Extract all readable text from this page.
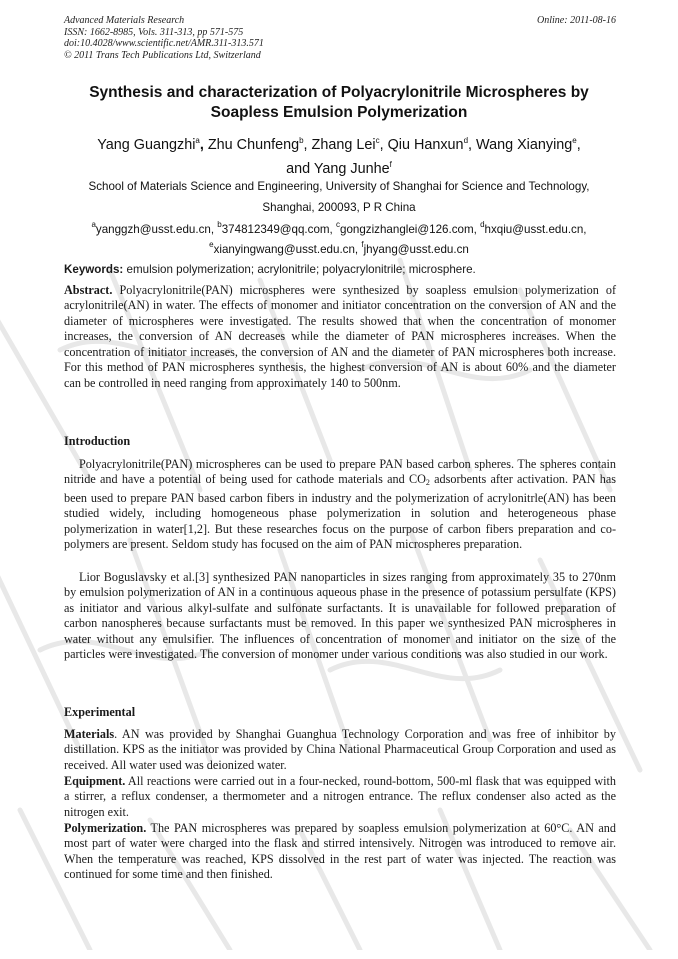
Advanced Materials Research
ISSN: 1662-8985, Vols. 311-313, pp 571-575
doi:10.4028/www.scientific.net/AMR.311-313.571
© 2011 Trans Tech Publications Ltd, Switzerland
Online: 2011-08-16
Synthesis and characterization of Polyacrylonitrile Microspheres by
Soapless Emulsion Polymerization
Yang Guangzhi$^a$, Zhu Chunfeng$^b$, Zhang Lei$^c$, Qiu Hanxun$^d$, Wang Xianying$^e$,
and Yang Junhe$^f$
School of Materials Science and Engineering, University of Shanghai for Science and Technology,
Shanghai, 200093, P R China
$^a$yanggzh@usst.edu.cn, $^b$374812349@qq.com, $^c$gongzizhanglei@126.com, $^d$hxqiu@usst.edu.cn,
$^e$xianyingwang@usst.edu.cn, $^f$jhyang@usst.edu.cn
Keywords: emulsion polymerization; acrylonitrile; polyacrylonitrile; microsphere.
Abstract. Polyacrylonitrile(PAN) microspheres were synthesized by soapless emulsion polymerization of acrylonitrile(AN) in water. The effects of monomer and initiator concentration on the conversion of AN and the diameter of microspheres were investigated. The results showed that when the concentration of monomer increases, the conversion of AN decreases while the diameter of PAN microspheres increases. When the concentration of initiator increases, the conversion of AN and the diameter of PAN microspheres both increase. For this method of PAN microspheres synthesis, the highest conversion of AN is about 60% and the diameter can be controlled in need ranging from approximately 140 to 500nm.
Introduction
Polyacrylonitrile(PAN) microspheres can be used to prepare PAN based carbon spheres. The spheres contain nitride and have a potential of being used for cathode materials and $CO_2$ adsorbents after activation. PAN has been used to prepare PAN based carbon fibers in industry and the polymerization of acrylonitrle(AN) has been studied widely, including homogeneous phase polymerization in solution and heterogeneous phase polymerization in water[1,2]. But these researches focus on the purpose of carbon fibers preparation and co-polymers are present. Seldom study has focused on the aim of PAN microspheres preparation.
Lior Boguslavsky et al.[3] synthesized PAN nanoparticles in sizes ranging from approximately 35 to 270nm by emulsion polymerization of AN in a continuous aqueous phase in the presence of potassium persulfate (KPS) as initiator and various alkyl-sulfate and sulfonate surfactants. It is unavailable for followed preparation of carbon nanospheres because surfactants must be removed. In this paper we synthesized PAN microspheres in water without any emulsifier. The influences of concentration of monomer and initiator on the size of the particles were investigated. The conversion of monomer under various conditions was also studied in our work.
Experimental
Materials. AN was provided by Shanghai Guanghua Technology Corporation and was free of inhibitor by distillation. KPS as the initiator was provided by China National Pharmaceutical Group Corporation and used as received. All water used was deionized water.
Equipment. All reactions were carried out in a four-necked, round-bottom, 500-ml flask that was equipped with a stirrer, a reflux condenser, a thermometer and a nitrogen entrance. The reflux condenser also acted as the nitrogen exit.
Polymerization. The PAN microspheres was prepared by soapless emulsion polymerization at 60°C. AN and most part of water were charged into the flask and stirred intensively. Nitrogen was introduced to remove air. When the temperature was reached, KPS dissolved in the rest part of water was injected. The reaction was continued for some time and then finished.
